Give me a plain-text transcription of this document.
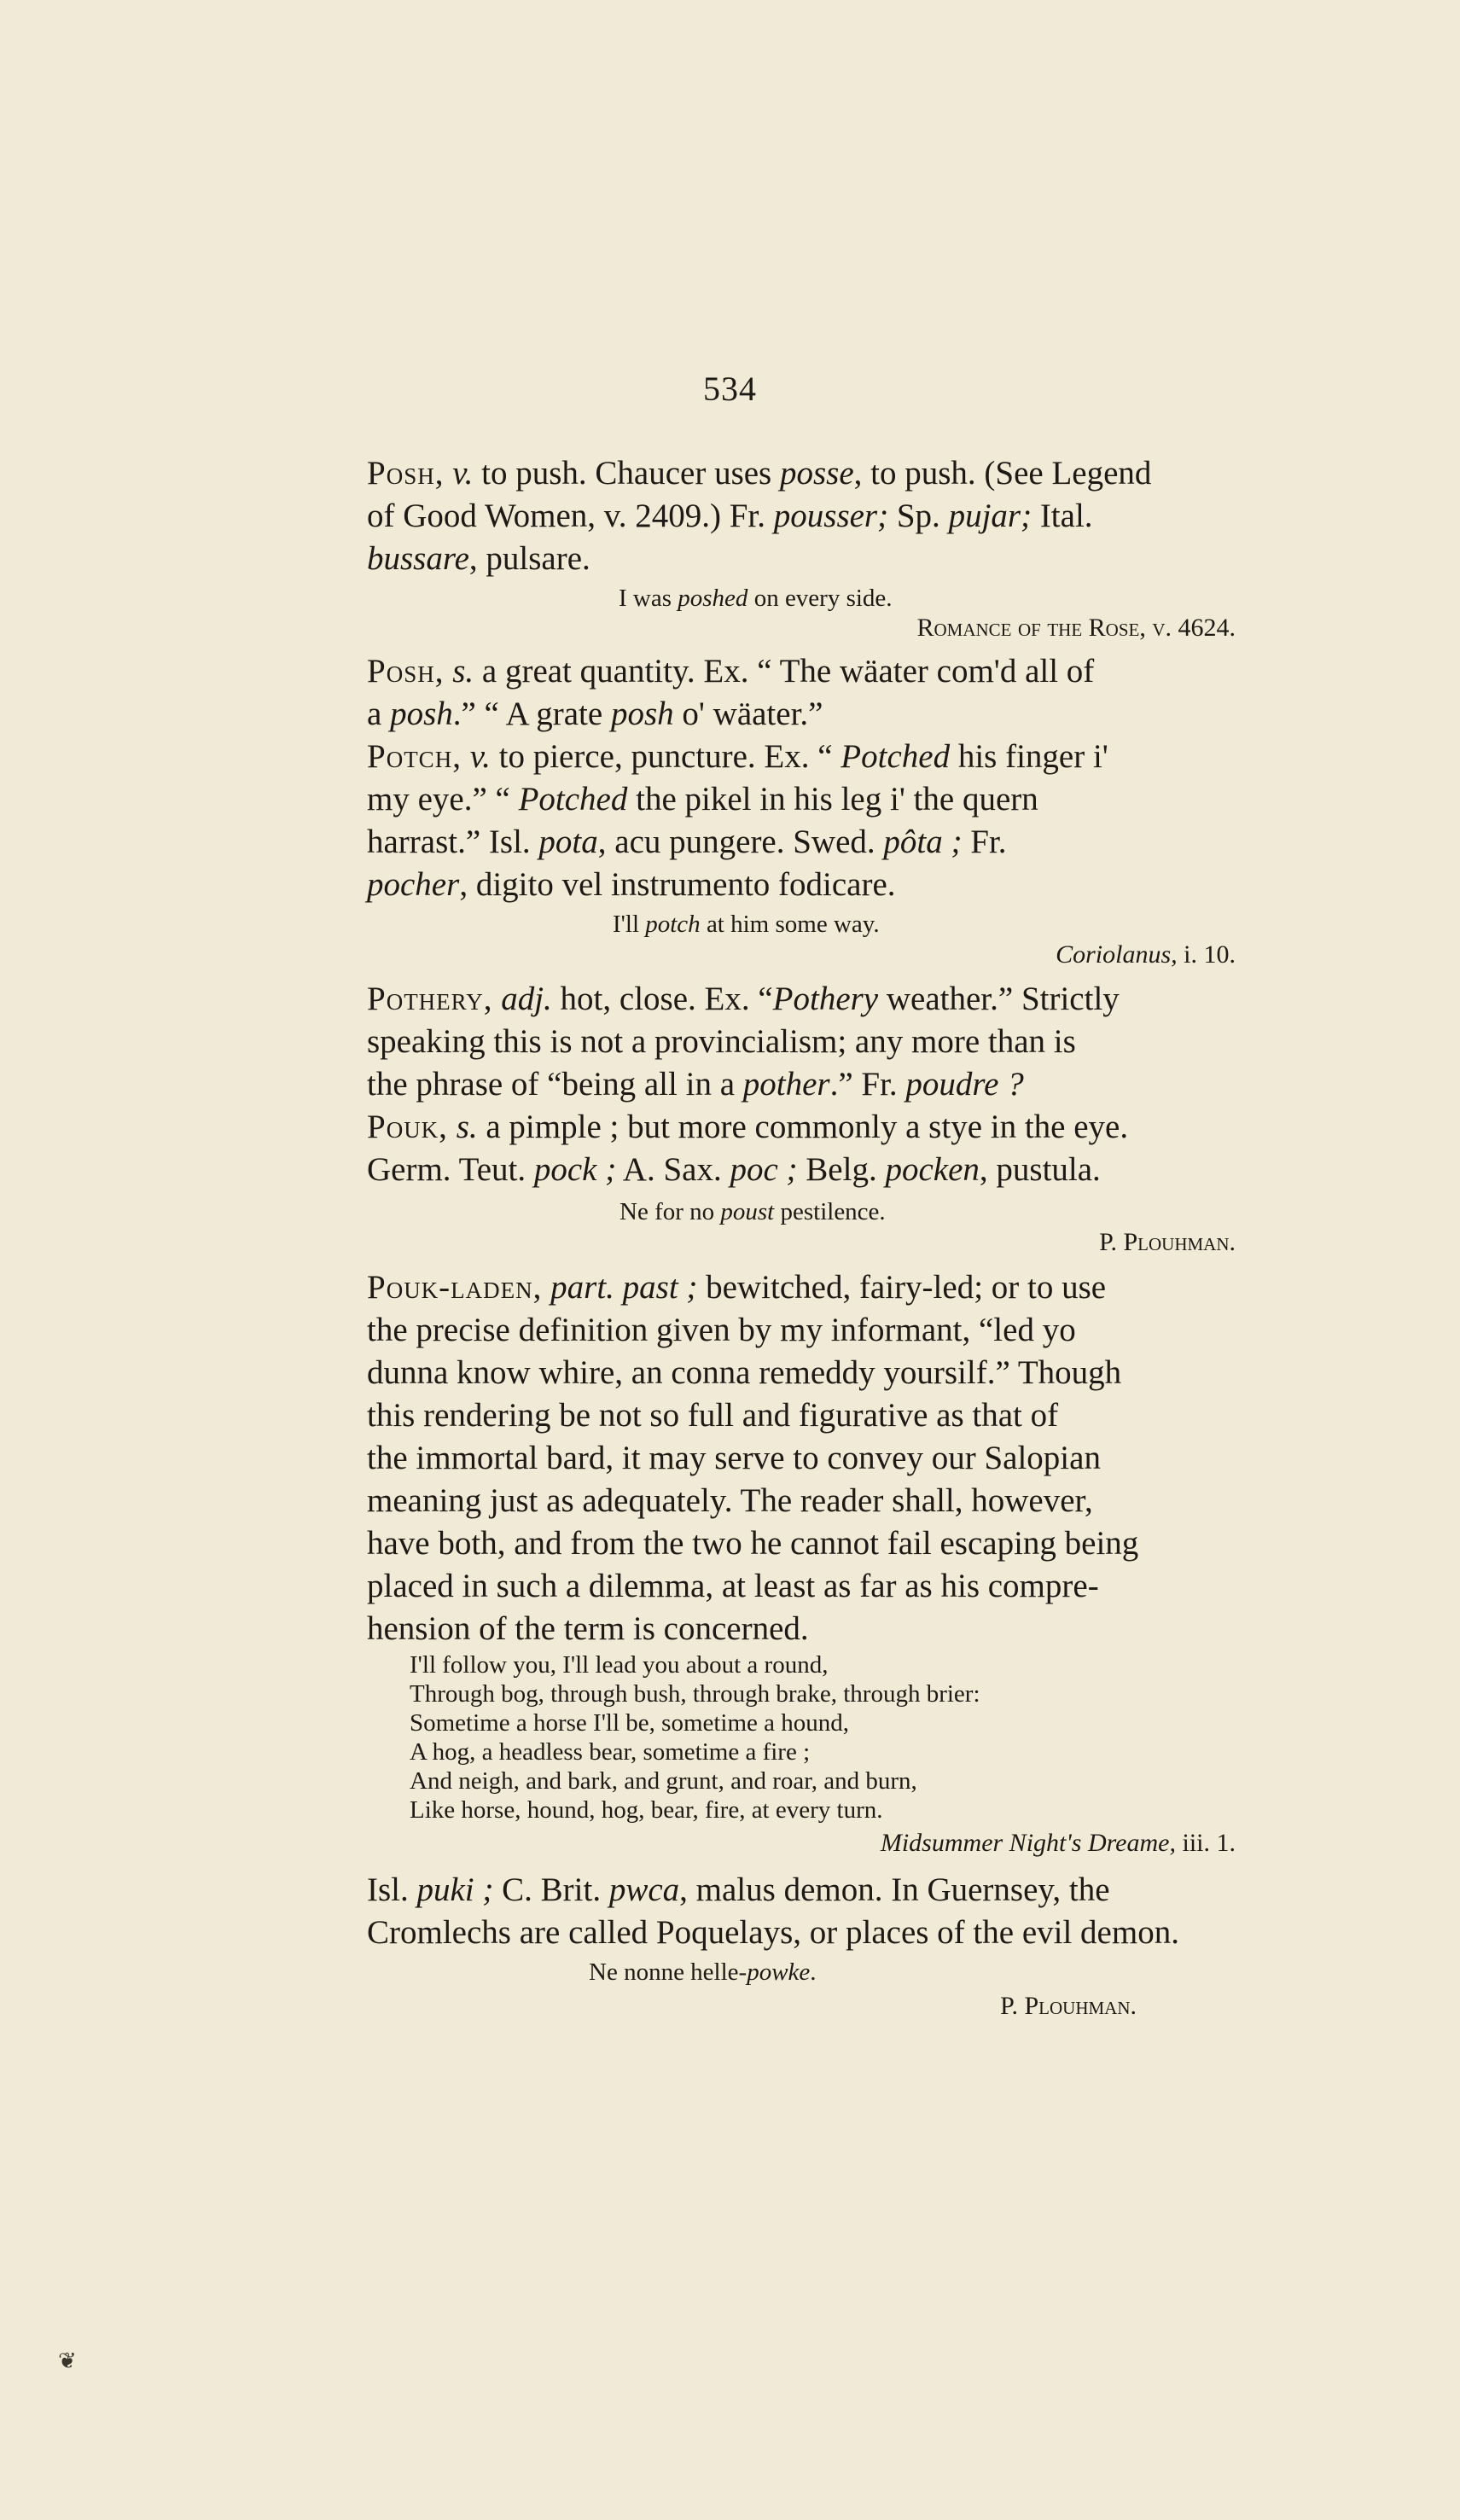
534
Posh, v. to push. Chaucer uses posse, to push. (See Legend
of Good Women, v. 2409.) Fr. pousser; Sp. pujar; Ital.
bussare, pulsare.
I was poshed on every side.
Romance of the Rose, v. 4624.
Posh, s. a great quantity. Ex. “ The wäater com'd all of
a posh.” “ A grate posh o' wäater.”
Potch, v. to pierce, puncture. Ex. “ Potched his finger i'
my eye.” “ Potched the pikel in his leg i' the quern
harrast.” Isl. pota, acu pungere. Swed. pôta ; Fr.
pocher, digito vel instrumento fodicare.
I'll potch at him some way.
Coriolanus, i. 10.
Pothery, adj. hot, close. Ex. “Pothery weather.” Strictly
speaking this is not a provincialism; any more than is
the phrase of “being all in a pother.” Fr. poudre ?
Pouk, s. a pimple ; but more commonly a stye in the eye.
Germ. Teut. pock ; A. Sax. poc ; Belg. pocken, pustula.
Ne for no poust pestilence.
P. Plouhman.
Pouk-laden, part. past ; bewitched, fairy-led; or to use
the precise definition given by my informant, “led yo
dunna know whire, an conna remeddy yoursilf.” Though
this rendering be not so full and figurative as that of
the immortal bard, it may serve to convey our Salopian
meaning just as adequately. The reader shall, however,
have both, and from the two he cannot fail escaping being
placed in such a dilemma, at least as far as his compre-
hension of the term is concerned.
I'll follow you, I'll lead you about a round,
Through bog, through bush, through brake, through brier:
Sometime a horse I'll be, sometime a hound,
A hog, a headless bear, sometime a fire ;
And neigh, and bark, and grunt, and roar, and burn,
Like horse, hound, hog, bear, fire, at every turn.
Midsummer Night's Dreame, iii. 1.
Isl. puki ; C. Brit. pwca, malus demon. In Guernsey, the
Cromlechs are called Poquelays, or places of the evil demon.
Ne nonne helle-powke.
P. Plouhman.
❦
